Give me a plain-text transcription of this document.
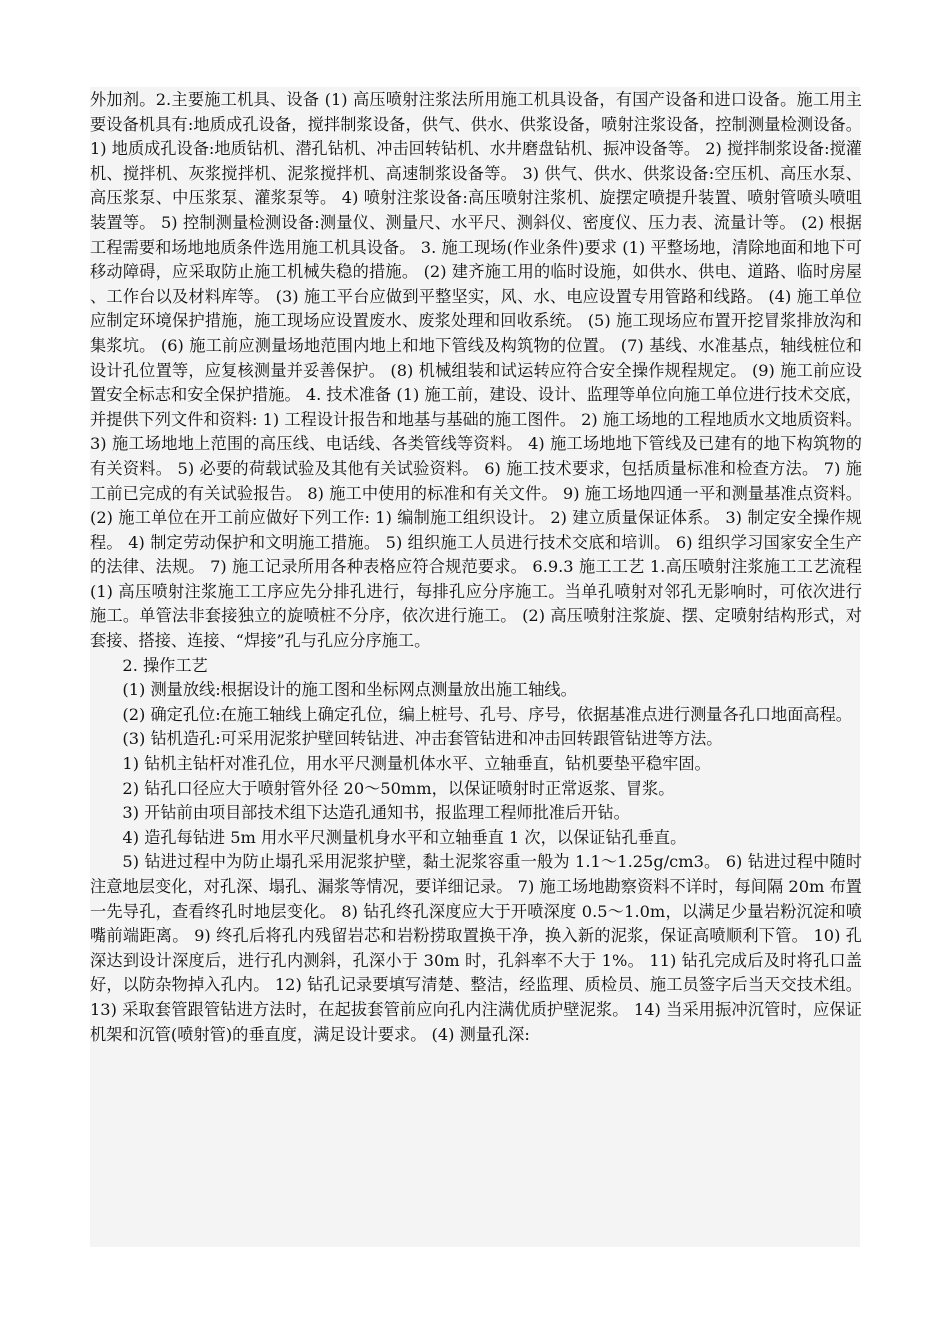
外加剂。2.主要施工机具、设备 (1) 高压喷射注浆法所用施工机具设备，有国产设备和进口设备。施工用主要设备机具有:地质成孔设备，搅拌制浆设备，供气、供水、供浆设备，喷射注浆设备，控制测量检测设备。 1) 地质成孔设备:地质钻机、潜孔钻机、冲击回转钻机、水井磨盘钻机、振冲设备等。 2) 搅拌制浆设备:搅灌机、搅拌机、灰浆搅拌机、泥浆搅拌机、高速制浆设备等。 3) 供气、供水、供浆设备:空压机、高压水泵、高压浆泵、中压浆泵、灌浆泵等。 4) 喷射注浆设备:高压喷射注浆机、旋摆定喷提升装置、喷射管喷头喷咀装置等。 5) 控制测量检测设备:测量仪、测量尺、水平尺、测斜仪、密度仪、压力表、流量计等。 (2) 根据工程需要和场地地质条件选用施工机具设备。 3. 施工现场(作业条件)要求 (1) 平整场地，清除地面和地下可移动障碍，应采取防止施工机械失稳的措施。 (2) 建齐施工用的临时设施，如供水、供电、道路、临时房屋、工作台以及材料库等。 (3) 施工平台应做到平整坚实，风、水、电应设置专用管路和线路。 (4) 施工单位应制定环境保护措施，施工现场应设置废水、废浆处理和回收系统。 (5) 施工现场应布置开挖冒浆排放沟和集浆坑。 (6) 施工前应测量场地范围内地上和地下管线及构筑物的位置。 (7) 基线、水准基点，轴线桩位和设计孔位置等，应复核测量并妥善保护。 (8) 机械组装和试运转应符合安全操作规程规定。 (9) 施工前应设置安全标志和安全保护措施。 4. 技术准备 (1) 施工前，建设、设计、监理等单位向施工单位进行技术交底，并提供下列文件和资料: 1) 工程设计报告和地基与基础的施工图件。 2) 施工场地的工程地质水文地质资料。 3) 施工场地地上范围的高压线、电话线、各类管线等资料。 4) 施工场地地下管线及已建有的地下构筑物的有关资料。 5) 必要的荷载试验及其他有关试验资料。 6) 施工技术要求，包括质量标准和检查方法。 7) 施工前已完成的有关试验报告。 8) 施工中使用的标准和有关文件。 9) 施工场地四通一平和测量基准点资料。 (2) 施工单位在开工前应做好下列工作: 1) 编制施工组织设计。 2) 建立质量保证体系。 3) 制定安全操作规程。 4) 制定劳动保护和文明施工措施。 5) 组织施工人员进行技术交底和培训。 6) 组织学习国家安全生产的法律、法规。 7) 施工记录所用各种表格应符合规范要求。 6.9.3 施工工艺 1.高压喷射注浆施工工艺流程 (1) 高压喷射注浆施工工序应先分排孔进行，每排孔应分序施工。当单孔喷射对邻孔无影响时，可依次进行施工。单管法非套接独立的旋喷桩不分序，依次进行施工。 (2) 高压喷射注浆旋、摆、定喷射结构形式，对套接、搭接、连接、“焊接”孔与孔应分序施工。

2. 操作工艺

(1) 测量放线:根据设计的施工图和坐标网点测量放出施工轴线。

(2) 确定孔位:在施工轴线上确定孔位，编上桩号、孔号、序号，依据基准点进行测量各孔口地面高程。

(3) 钻机造孔:可采用泥浆护壁回转钻进、冲击套管钻进和冲击回转跟管钻进等方法。

1) 钻机主钻杆对准孔位，用水平尺测量机体水平、立轴垂直，钻机要垫平稳牢固。

2) 钻孔口径应大于喷射管外径 20～50mm，以保证喷射时正常返浆、冒浆。

3) 开钻前由项目部技术组下达造孔通知书，报监理工程师批准后开钻。

4) 造孔每钻进 5m 用水平尺测量机身水平和立轴垂直 1 次，以保证钻孔垂直。

5) 钻进过程中为防止塌孔采用泥浆护壁，黏土泥浆容重一般为 1.1～1.25g/cm3。 6) 钻进过程中随时注意地层变化，对孔深、塌孔、漏浆等情况，要详细记录。 7) 施工场地勘察资料不详时，每间隔 20m 布置一先导孔，查看终孔时地层变化。 8) 钻孔终孔深度应大于开喷深度 0.5～1.0m，以满足少量岩粉沉淀和喷嘴前端距离。 9) 终孔后将孔内残留岩芯和岩粉捞取置换干净，换入新的泥浆，保证高喷顺利下管。 10) 孔深达到设计深度后，进行孔内测斜，孔深小于 30m 时，孔斜率不大于 1%。 11) 钻孔完成后及时将孔口盖好，以防杂物掉入孔内。 12) 钻孔记录要填写清楚、整洁，经监理、质检员、施工员签字后当天交技术组。 13) 采取套管跟管钻进方法时，在起拔套管前应向孔内注满优质护壁泥浆。 14) 当采用振冲沉管时，应保证机架和沉管(喷射管)的垂直度，满足设计要求。 (4) 测量孔深:
